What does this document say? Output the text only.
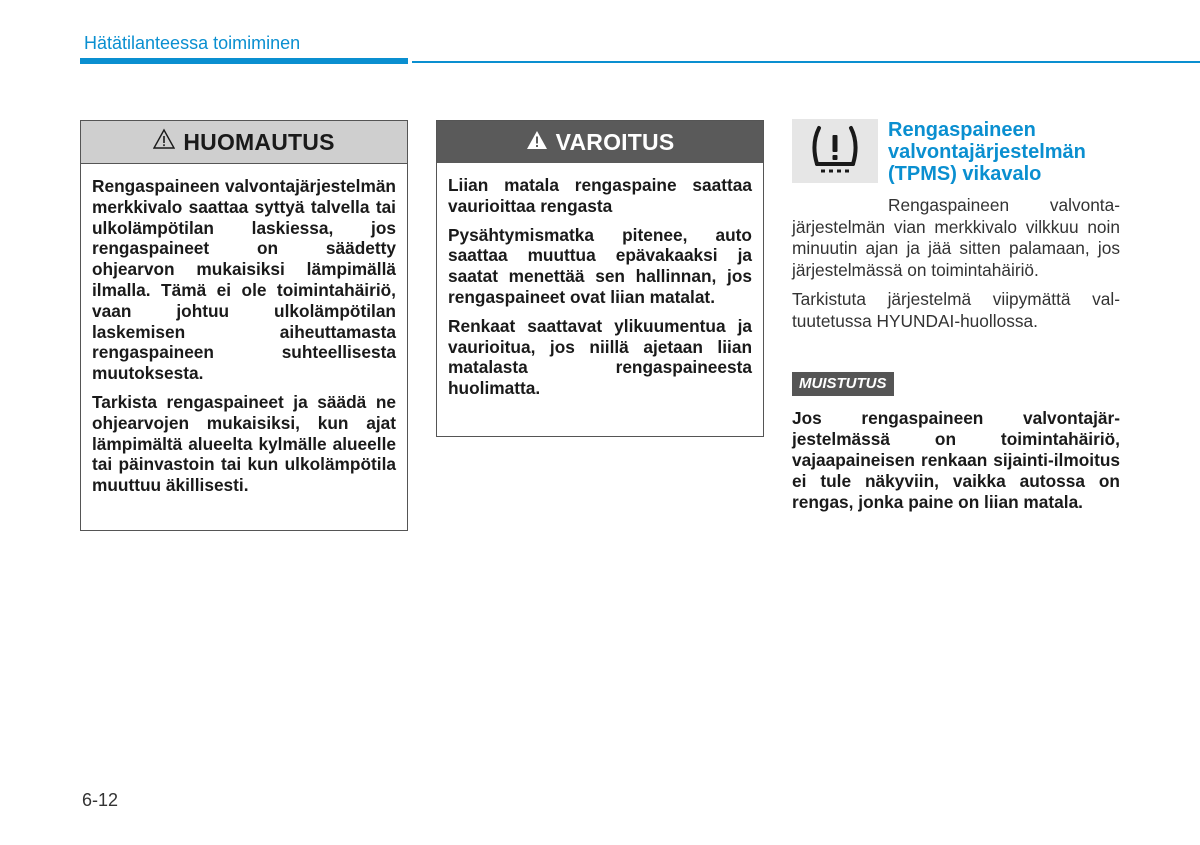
Hätätilanteessa toimiminen
HUOMAUTUS

Rengaspaineen valvontajärjestelmän merkkivalo saattaa syttyä talvella tai ulkolämpötilan laskiessa, jos rengaspaineet on säädetty ohjearvon mukaisiksi lämpimällä ilmalla. Tämä ei ole toimintahäiriö, vaan johtuu ulkolämpötilan laskemisen aiheuttamasta rengaspaineen suhteellisesta muutoksesta.

Tarkista rengaspaineet ja säädä ne ohjearvojen mukaisiksi, kun ajat lämpimältä alueelta kylmälle alueelle tai päinvastoin tai kun ulkolämpötila muuttuu äkillisesti.

VAROITUS

Liian matala rengaspaine saattaa vaurioittaa rengasta

Pysähtymismatka pitenee, auto saattaa muuttua epävakaaksi ja saatat menettää sen hallinnan, jos rengaspaineet ovat liian matalat.

Renkaat saattavat ylikuumentua ja vaurioitua, jos niillä ajetaan liian matalasta rengaspaineesta huolimatta.

Rengaspaineen valvontajärjestelmän (TPMS) vikavalo

Rengaspaineen valvontajärjestelmän vian merkkivalo vilkkuu noin minuutin ajan ja jää sitten palamaan, jos järjestelmässä on toimintahäiriö.

Tarkistuta järjestelmä viipymättä valtuutetussa HYUNDAI-huollossa.

MUISTUTUS

Jos rengaspaineen valvontajärjestelmässä on toimintahäiriö, vajaapaineisen renkaan sijainti-ilmoitus ei tule näkyviin, vaikka autossa on rengas, jonka paine on liian matala.

6-12
